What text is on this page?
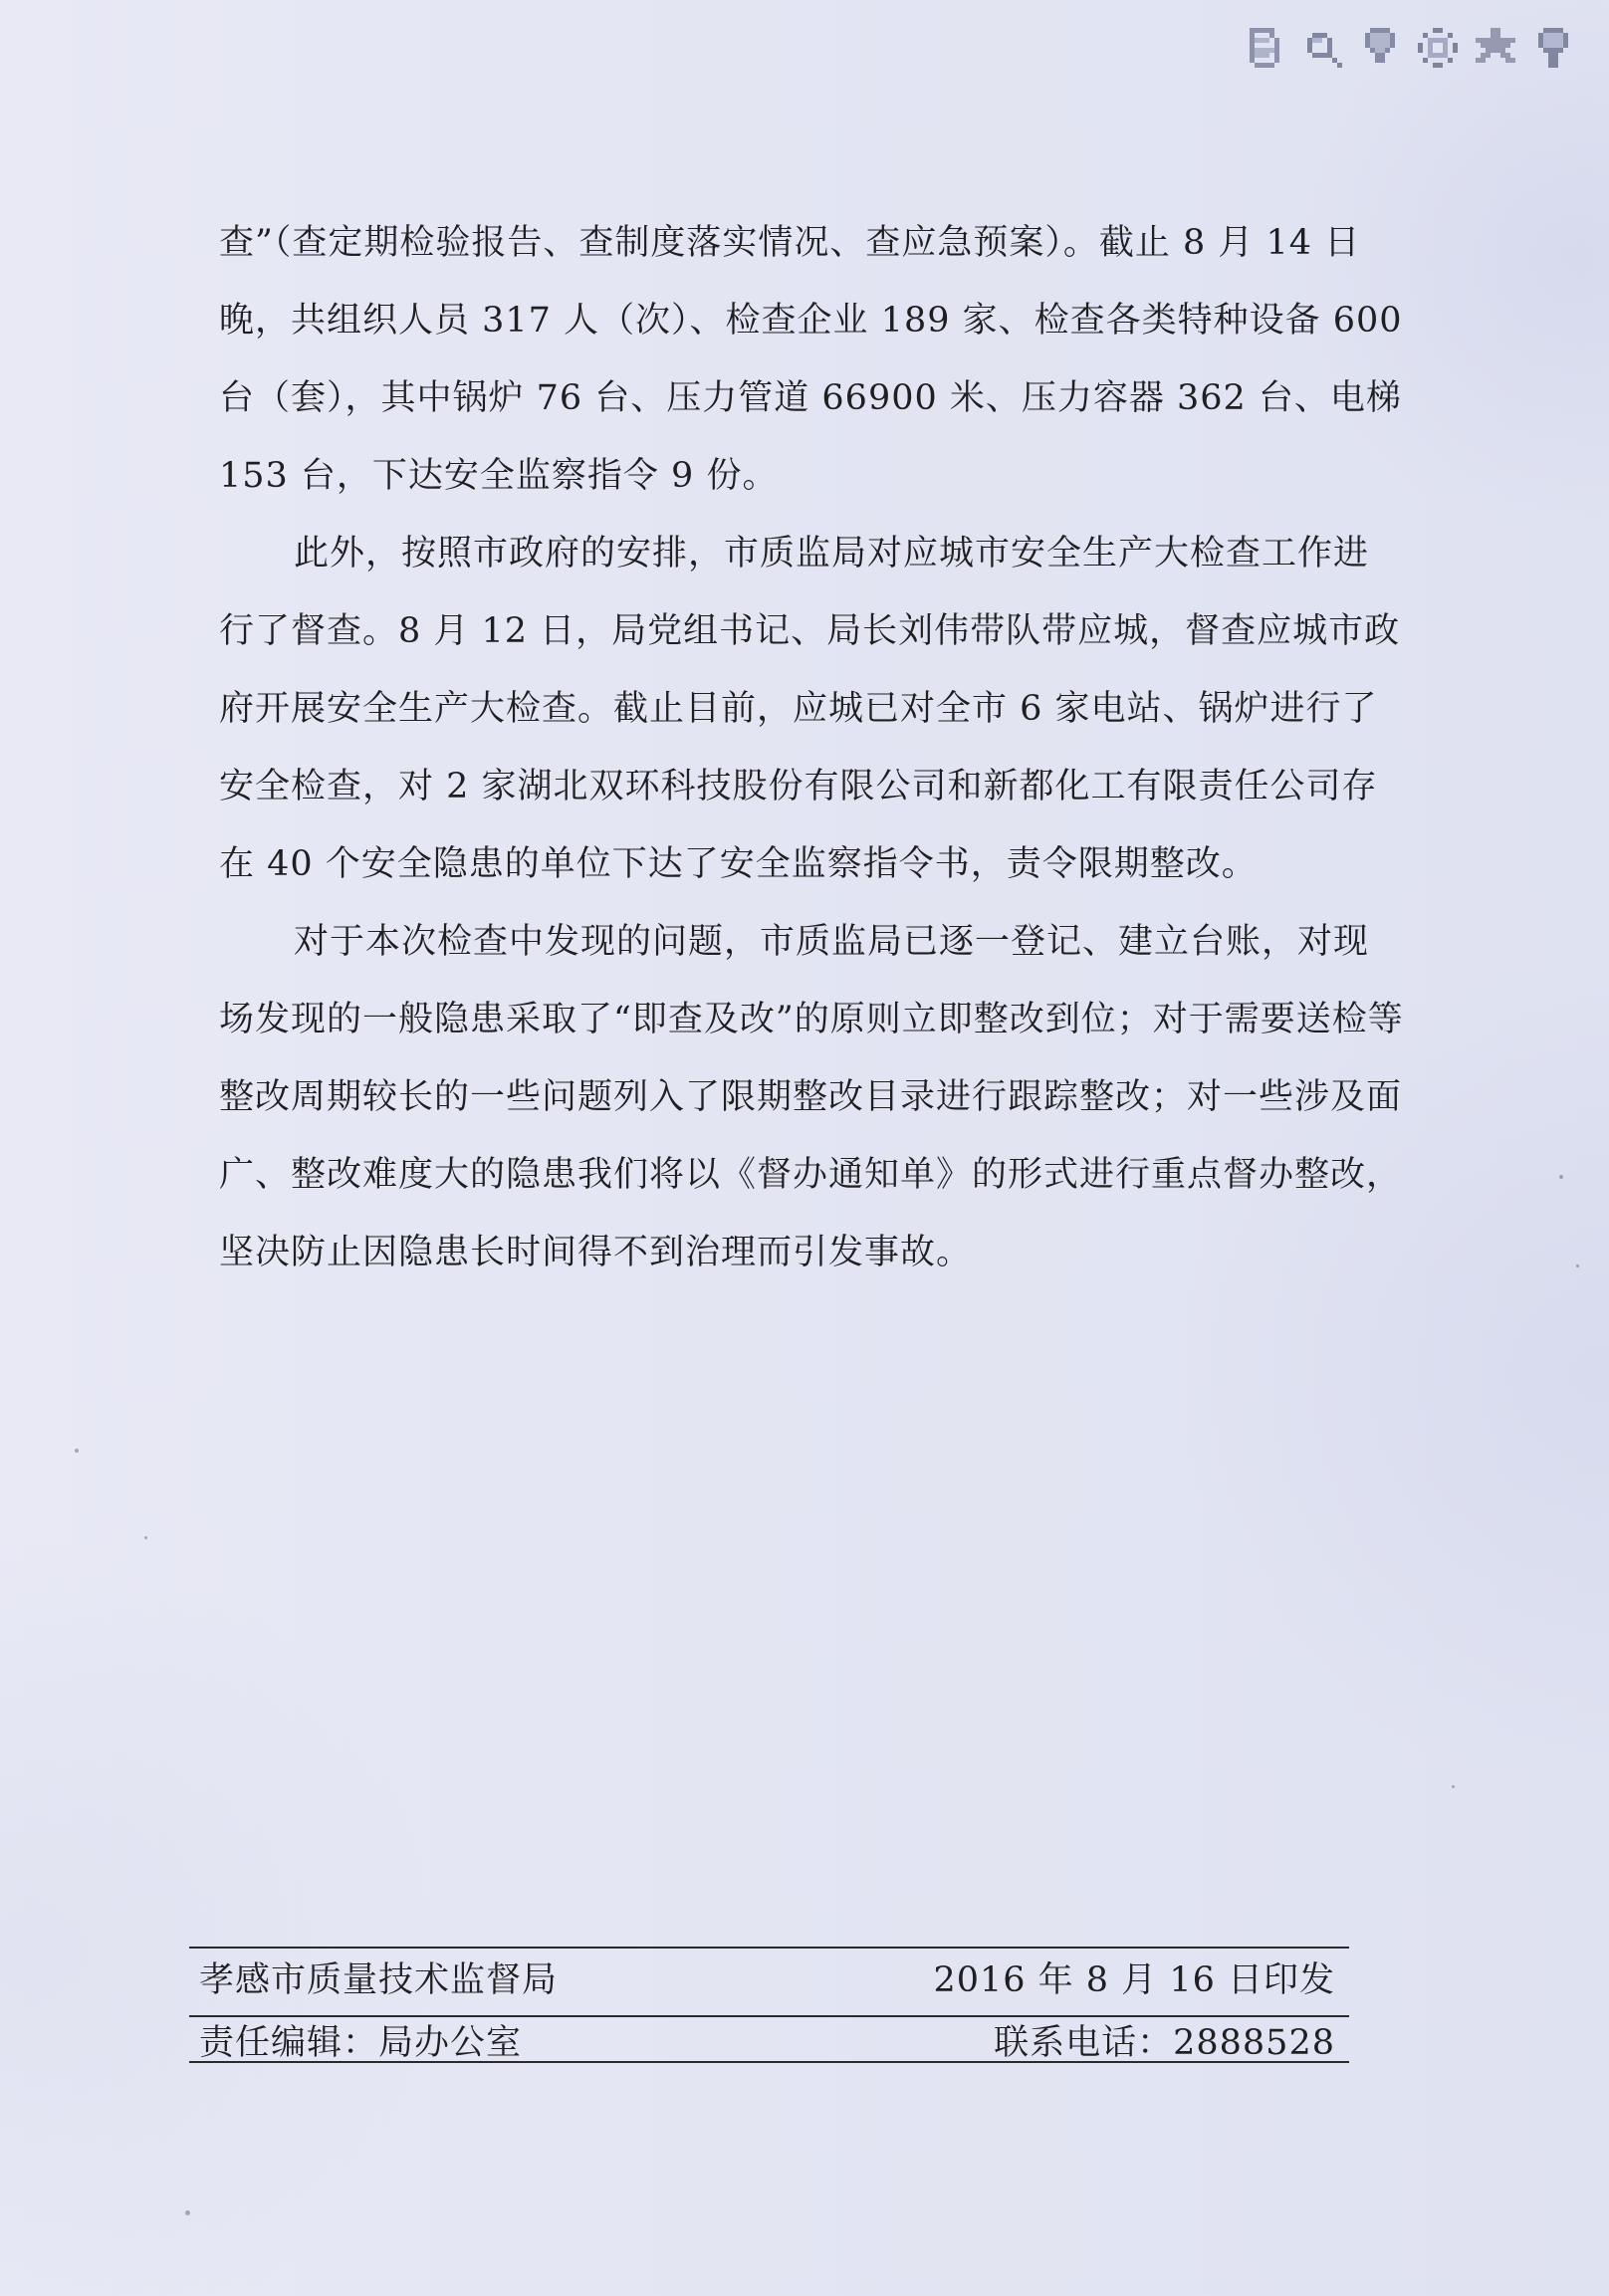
查”（查定期检验报告、查制度落实情况、查应急预案）。截止 8 月 14 日晚，共组织人员 317 人（次）、检查企业 189 家、检查各类特种设备 600 台（套），其中锅炉 76 台、压力管道 66900 米、压力容器 362 台、电梯 153 台，下达安全监察指令 9 份。

此外，按照市政府的安排，市质监局对应城市安全生产大检查工作进行了督查。8 月 12 日，局党组书记、局长刘伟带队带应城，督查应城市政府开展安全生产大检查。截止目前，应城已对全市 6 家电站、锅炉进行了安全检查，对 2 家湖北双环科技股份有限公司和新都化工有限责任公司存在 40 个安全隐患的单位下达了安全监察指令书，责令限期整改。

对于本次检查中发现的问题，市质监局已逐一登记、建立台账，对现场发现的一般隐患采取了“即查及改”的原则立即整改到位；对于需要送检等整改周期较长的一些问题列入了限期整改目录进行跟踪整改；对一些涉及面广、整改难度大的隐患我们将以《督办通知单》的形式进行重点督办整改，坚决防止因隐患长时间得不到治理而引发事故。

孝感市质量技术监督局	2016 年 8 月 16 日印发
责任编辑：局办公室	联系电话：2888528
